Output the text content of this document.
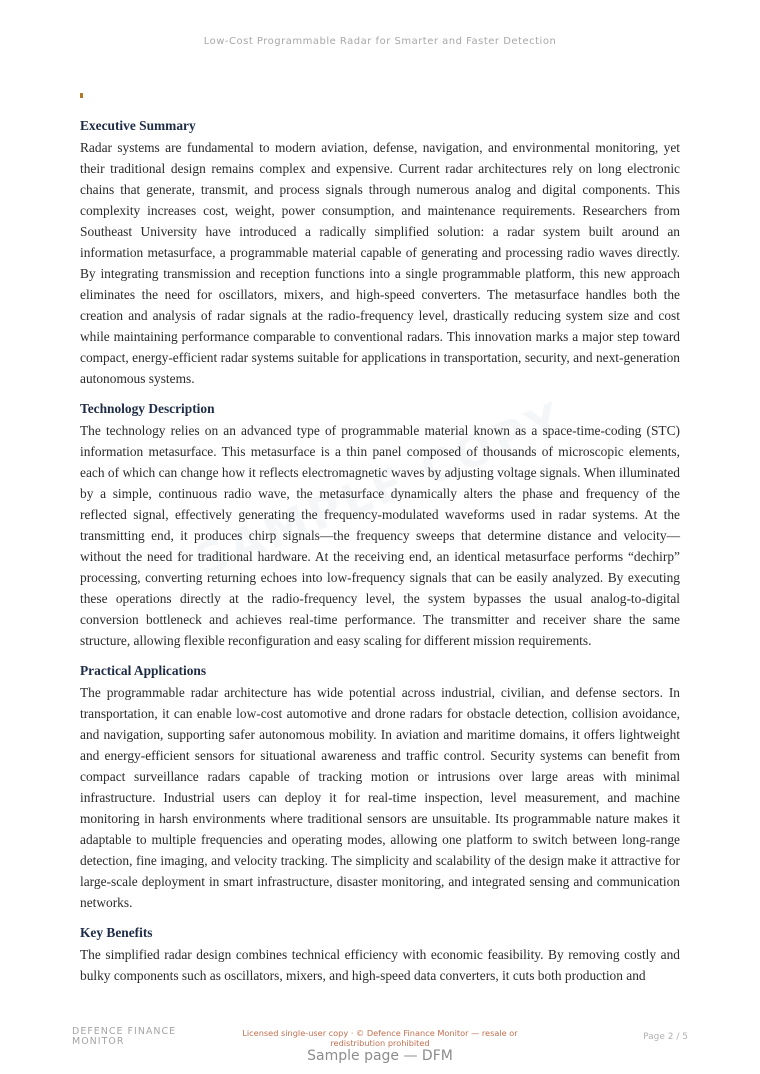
Low-Cost Programmable Radar for Smarter and Faster Detection
Executive Summary

Radar systems are fundamental to modern aviation, defense, navigation, and environmental monitoring, yet their traditional design remains complex and expensive. Current radar architectures rely on long electronic chains that generate, transmit, and process signals through numerous analog and digital components. This complexity increases cost, weight, power consumption, and maintenance requirements. Researchers from Southeast University have introduced a radically simplified solution: a radar system built around an information metasurface, a programmable material capable of generating and processing radio waves directly. By integrating transmission and reception functions into a single programmable platform, this new approach eliminates the need for oscillators, mixers, and high-speed converters. The metasurface handles both the creation and analysis of radar signals at the radio-frequency level, drastically reducing system size and cost while maintaining performance comparable to conventional radars. This innovation marks a major step toward compact, energy-efficient radar systems suitable for applications in transportation, security, and next-generation autonomous systems.

Technology Description

The technology relies on an advanced type of programmable material known as a space-time-coding (STC) information metasurface. This metasurface is a thin panel composed of thousands of microscopic elements, each of which can change how it reflects electromagnetic waves by adjusting voltage signals. When illuminated by a simple, continuous radio wave, the metasurface dynamically alters the phase and frequency of the reflected signal, effectively generating the frequency-modulated waveforms used in radar systems. At the transmitting end, it produces chirp signals—the frequency sweeps that determine distance and velocity—without the need for traditional hardware. At the receiving end, an identical metasurface performs “dechirp” processing, converting returning echoes into low-frequency signals that can be easily analyzed. By executing these operations directly at the radio-frequency level, the system bypasses the usual analog-to-digital conversion bottleneck and achieves real-time performance. The transmitter and receiver share the same structure, allowing flexible reconfiguration and easy scaling for different mission requirements.

Practical Applications

The programmable radar architecture has wide potential across industrial, civilian, and defense sectors. In transportation, it can enable low-cost automotive and drone radars for obstacle detection, collision avoidance, and navigation, supporting safer autonomous mobility. In aviation and maritime domains, it offers lightweight and energy-efficient sensors for situational awareness and traffic control. Security systems can benefit from compact surveillance radars capable of tracking motion or intrusions over large areas with minimal infrastructure. Industrial users can deploy it for real-time inspection, level measurement, and machine monitoring in harsh environments where traditional sensors are unsuitable. Its programmable nature makes it adaptable to multiple frequencies and operating modes, allowing one platform to switch between long-range detection, fine imaging, and velocity tracking. The simplicity and scalability of the design make it attractive for large-scale deployment in smart infrastructure, disaster monitoring, and integrated sensing and communication networks.

Key Benefits

The simplified radar design combines technical efficiency with economic feasibility. By removing costly and bulky components such as oscillators, mixers, and high-speed data converters, it cuts both production and

DEFENCE FINANCE
MONITOR
Licensed single-user copy · © Defence Finance Monitor — resale or redistribution prohibited
Page 2 / 5
Sample page — DFM
